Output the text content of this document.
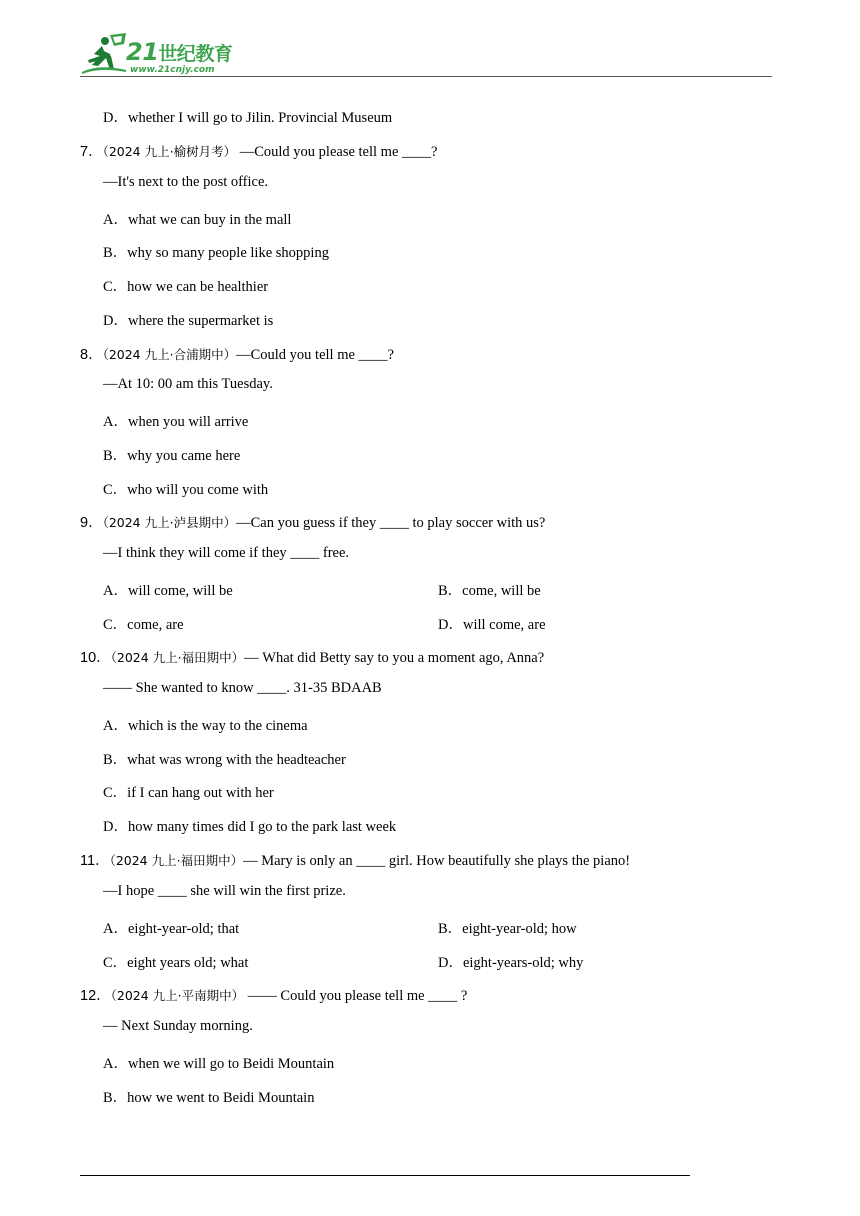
21世纪教育
www.21cnjy.com
D．whether I will go to Jilin. Provincial Museum
7．（2024 九上·榆树月考） —Could you please tell me ____?
—It's next to the post office.
A．what we can buy in the mall
B．why so many people like shopping
C．how we can be healthier
D．where the supermarket is
8．（2024 九上·合浦期中）—Could you tell me ____?
—At 10: 00 am this Tuesday.
A．when you will arrive
B．why you came here
C．who will you come with
9．（2024 九上·泸县期中）—Can you guess if they ____ to play soccer with us?
—I think they will come if they ____ free.
A．will come, will be	B．come, will be
C．come, are	D．will come, are
10．（2024 九上·福田期中）— What did Betty say to you a moment ago, Anna?
—— She wanted to know ____. 31-35 BDAAB
A．which is the way to the cinema
B．what was wrong with the headteacher
C．if I can hang out with her
D．how many times did I go to the park last week
11．（2024 九上·福田期中）— Mary is only an ____ girl. How beautifully she plays the piano!
—I hope ____ she will win the first prize.
A．eight-year-old; that	B．eight-year-old; how
C．eight years old; what	D．eight-years-old; why
12．（2024 九上·平南期中） —— Could you please tell me ____ ?
— Next Sunday morning.
A．when we will go to Beidi Mountain
B．how we went to Beidi Mountain
